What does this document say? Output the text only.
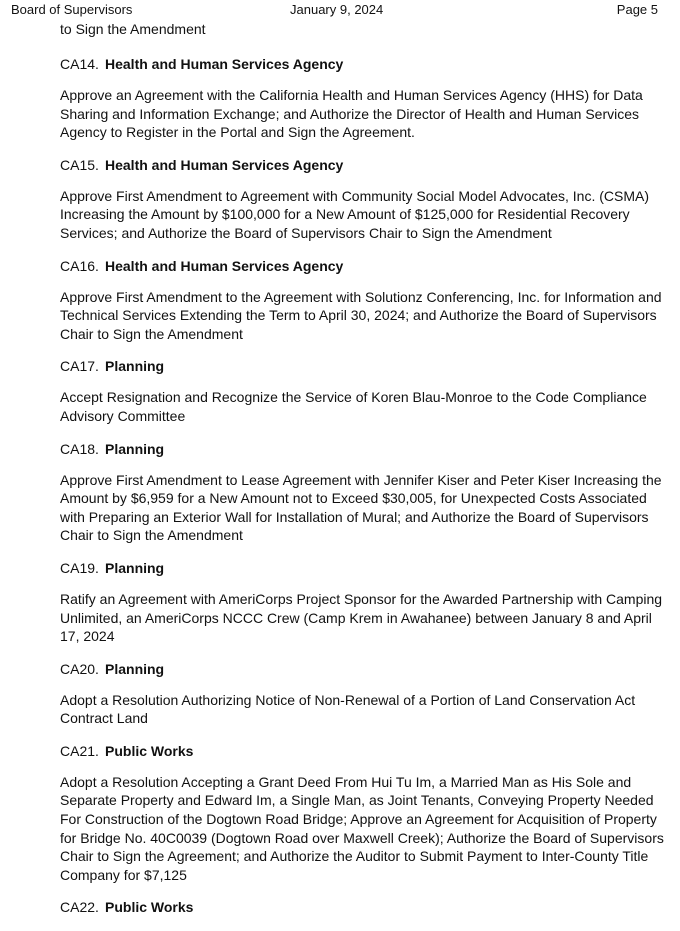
Board of Supervisors	January 9, 2024	Page 5

to Sign the Amendment

CA14. Health and Human Services Agency

Approve an Agreement with the California Health and Human Services Agency (HHS) for Data Sharing and Information Exchange; and Authorize the Director of Health and Human Services Agency to Register in the Portal and Sign the Agreement.

CA15. Health and Human Services Agency

Approve First Amendment to Agreement with Community Social Model Advocates, Inc. (CSMA) Increasing the Amount by $100,000 for a New Amount of $125,000 for Residential Recovery Services; and Authorize the Board of Supervisors Chair to Sign the Amendment

CA16. Health and Human Services Agency

Approve First Amendment to the Agreement with Solutionz Conferencing, Inc. for Information and Technical Services Extending the Term to April 30, 2024; and Authorize the Board of Supervisors Chair to Sign the Amendment

CA17. Planning

Accept Resignation and Recognize the Service of Koren Blau-Monroe to the Code Compliance Advisory Committee

CA18. Planning

Approve First Amendment to Lease Agreement with Jennifer Kiser and Peter Kiser Increasing the Amount by $6,959 for a New Amount not to Exceed $30,005, for Unexpected Costs Associated with Preparing an Exterior Wall for Installation of Mural; and Authorize the Board of Supervisors Chair to Sign the Amendment

CA19. Planning

Ratify an Agreement with AmeriCorps Project Sponsor for the Awarded Partnership with Camping Unlimited, an AmeriCorps NCCC Crew (Camp Krem in Awahanee) between January 8 and April 17, 2024

CA20. Planning

Adopt a Resolution Authorizing Notice of Non-Renewal of a Portion of Land Conservation Act Contract Land

CA21. Public Works

Adopt a Resolution Accepting a Grant Deed From Hui Tu Im, a Married Man as His Sole and Separate Property and Edward Im, a Single Man, as Joint Tenants, Conveying Property Needed For Construction of the Dogtown Road Bridge; Approve an Agreement for Acquisition of Property for Bridge No. 40C0039 (Dogtown Road over Maxwell Creek); Authorize the Board of Supervisors Chair to Sign the Agreement; and Authorize the Auditor to Submit Payment to Inter-County Title Company for $7,125

CA22. Public Works
